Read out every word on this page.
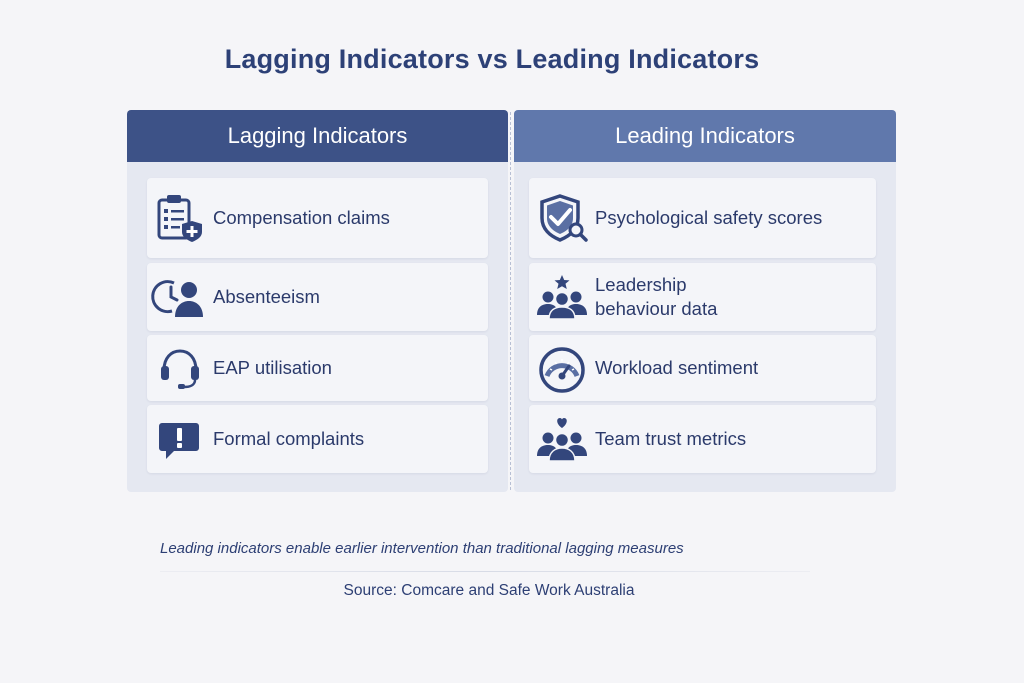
Lagging Indicators vs Leading Indicators
Lagging Indicators
Compensation claims
Absenteeism
EAP utilisation
Formal complaints
Leading Indicators
Psychological safety scores
Leadership behaviour data
Workload sentiment
Team trust metrics
Leading indicators enable earlier intervention than traditional lagging measures
Source: Comcare and Safe Work Australia
